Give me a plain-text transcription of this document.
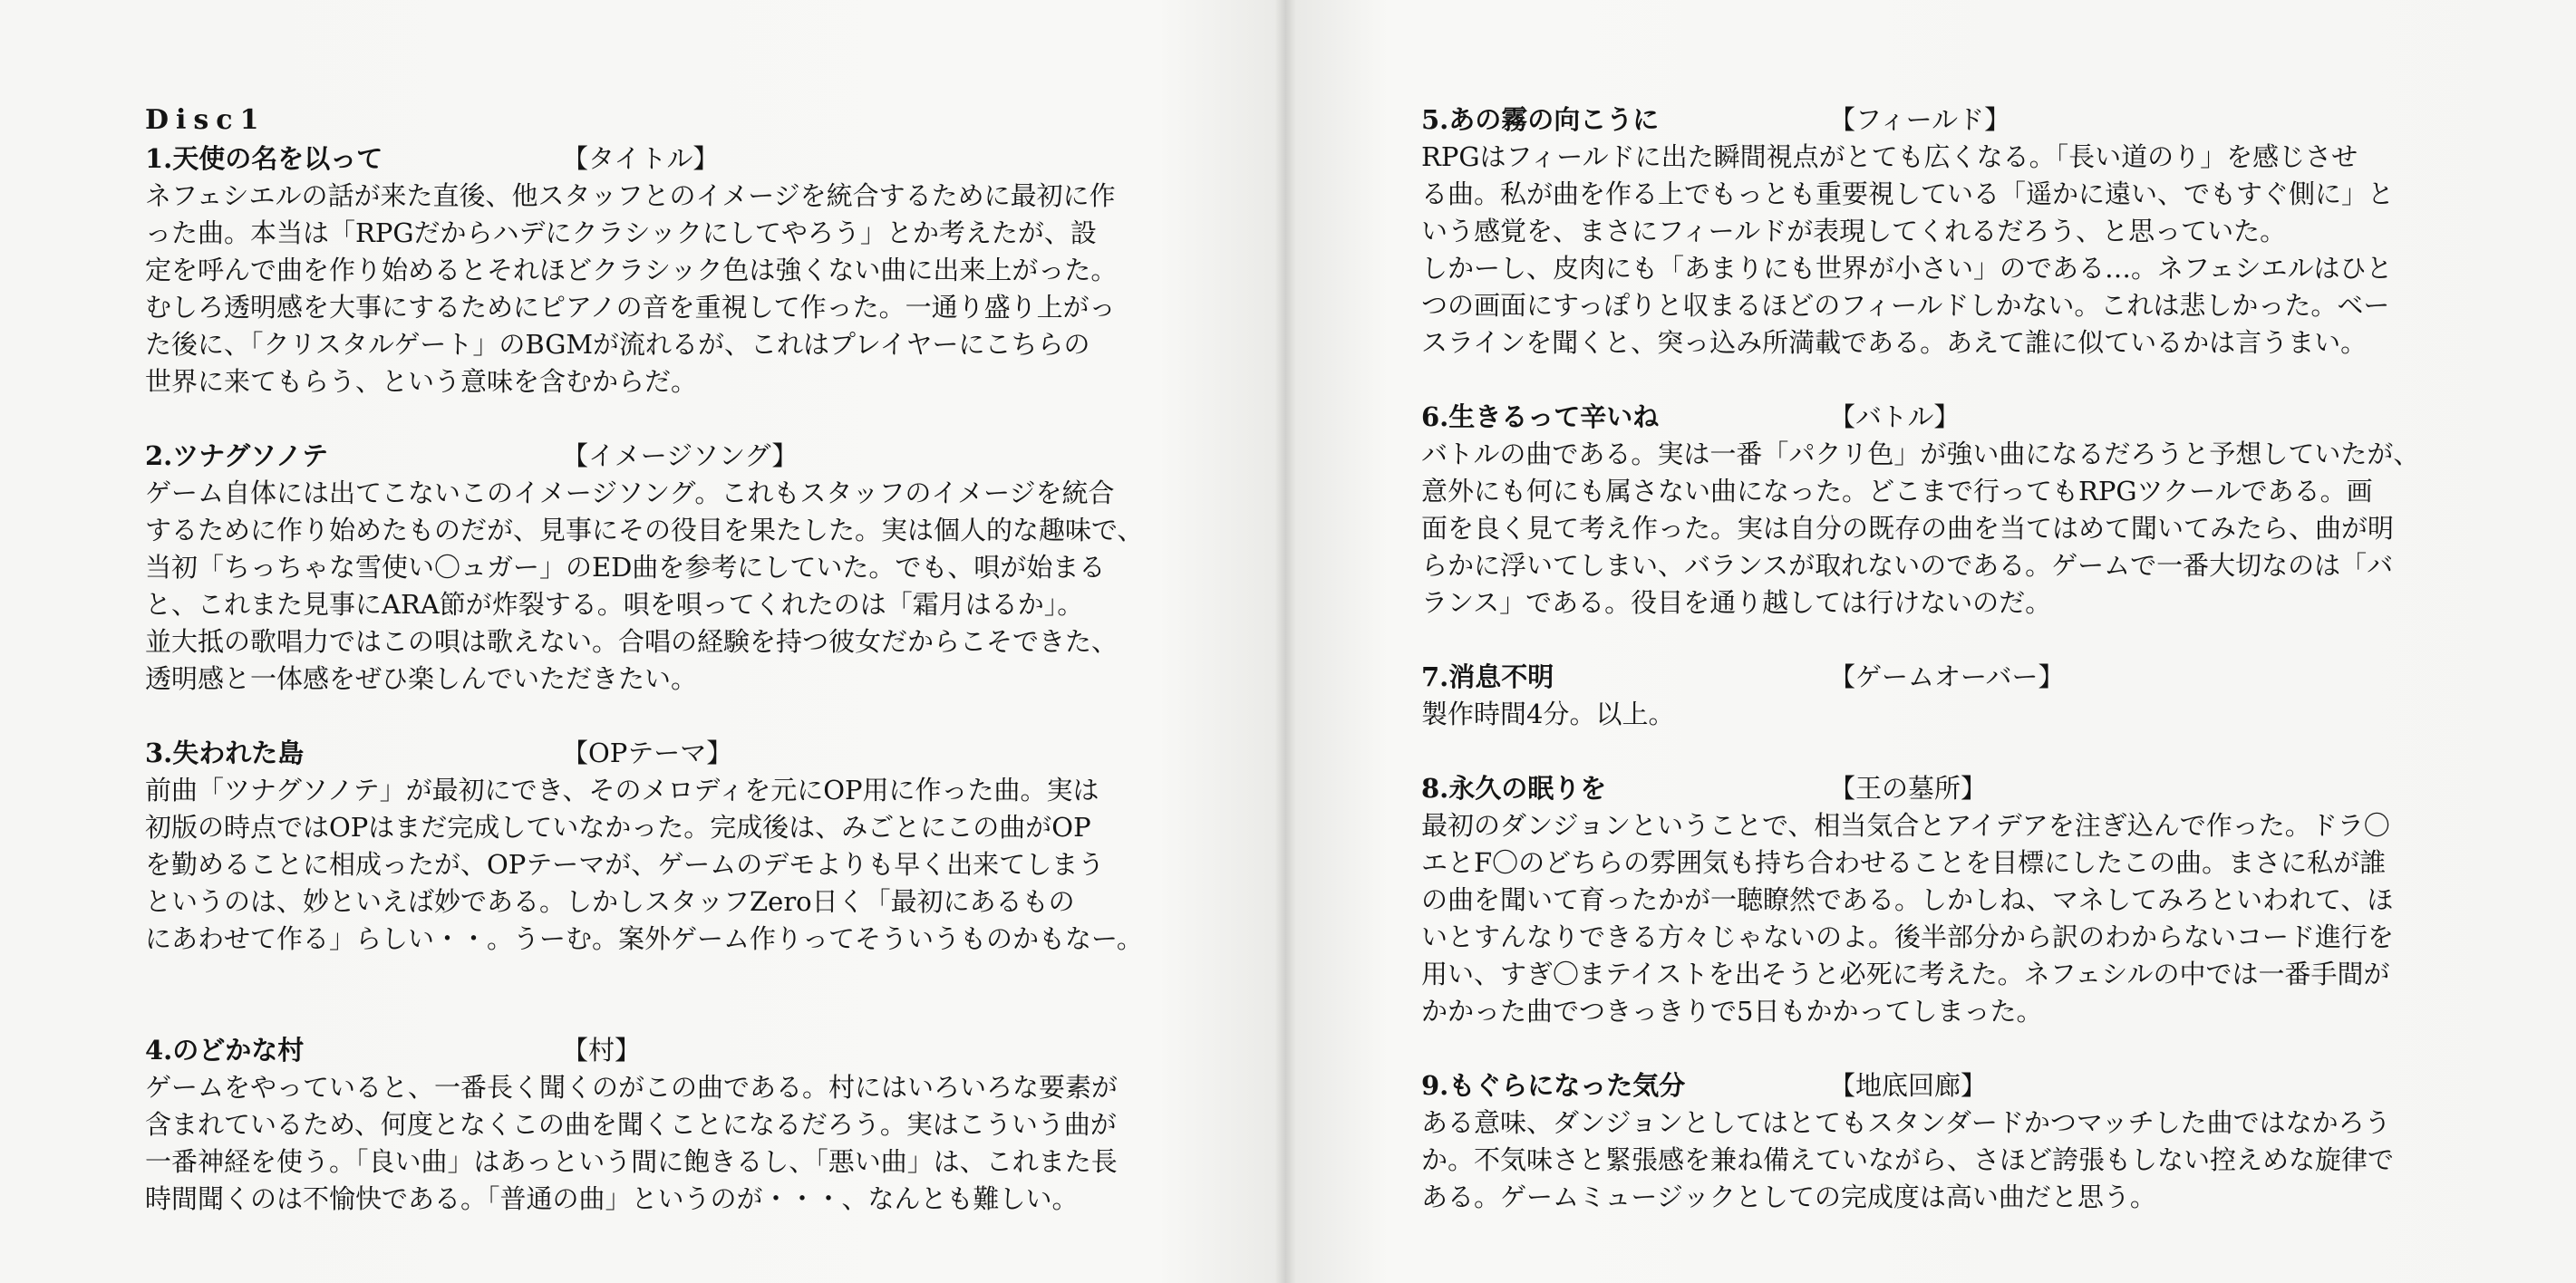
Disc1
1.天使の名を以って	【タイトル】

ネフェシエルの話が来た直後、他スタッフとのイメージを統合するために最初に作
った曲。本当は「RPGだからハデにクラシックにしてやろう」とか考えたが、設
定を呼んで曲を作り始めるとそれほどクラシック色は強くない曲に出来上がった。
むしろ透明感を大事にするためにピアノの音を重視して作った。一通り盛り上がっ
た後に、「クリスタルゲート」のBGMが流れるが、これはプレイヤーにこちらの
世界に来てもらう、という意味を含むからだ。

2.ツナグソノテ	【イメージソング】

ゲーム自体には出てこないこのイメージソング。これもスタッフのイメージを統合
するために作り始めたものだが、見事にその役目を果たした。実は個人的な趣味で、
当初「ちっちゃな雪使い〇ュガー」のED曲を参考にしていた。でも、唄が始まる
と、これまた見事にARA節が炸裂する。唄を唄ってくれたのは「霜月はるか」。
並大抵の歌唱力ではこの唄は歌えない。合唱の経験を持つ彼女だからこそできた、
透明感と一体感をぜひ楽しんでいただきたい。

3.失われた島	【OPテーマ】

前曲「ツナグソノテ」が最初にでき、そのメロディを元にOP用に作った曲。実は
初版の時点ではOPはまだ完成していなかった。完成後は、みごとにこの曲がOP
を勤めることに相成ったが、OPテーマが、ゲームのデモよりも早く出来てしまう
というのは、妙といえば妙である。しかしスタッフZero日く「最初にあるもの
にあわせて作る」らしい・・。うーむ。案外ゲーム作りってそういうものかもなー。

4.のどかな村	【村】

ゲームをやっていると、一番長く聞くのがこの曲である。村にはいろいろな要素が
含まれているため、何度となくこの曲を聞くことになるだろう。実はこういう曲が
一番神経を使う。「良い曲」はあっという間に飽きるし、「悪い曲」は、これまた長
時間聞くのは不愉快である。「普通の曲」というのが・・・、なんとも難しい。

5.あの霧の向こうに	【フィールド】

RPGはフィールドに出た瞬間視点がとても広くなる。「長い道のり」を感じさせ
る曲。私が曲を作る上でもっとも重要視している「遥かに遠い、でもすぐ側に」と
いう感覚を、まさにフィールドが表現してくれるだろう、と思っていた。
しかーし、皮肉にも「あまりにも世界が小さい」のである…。ネフェシエルはひと
つの画面にすっぽりと収まるほどのフィールドしかない。これは悲しかった。ベー
スラインを聞くと、突っ込み所満載である。あえて誰に似ているかは言うまい。

6.生きるって辛いね	【バトル】

バトルの曲である。実は一番「パクリ色」が強い曲になるだろうと予想していたが、
意外にも何にも属さない曲になった。どこまで行ってもRPGツクールである。画
面を良く見て考え作った。実は自分の既存の曲を当てはめて聞いてみたら、曲が明
らかに浮いてしまい、バランスが取れないのである。ゲームで一番大切なのは「バ
ランス」である。役目を通り越しては行けないのだ。

7.消息不明	【ゲームオーバー】

製作時間4分。以上。

8.永久の眠りを	【王の墓所】

最初のダンジョンということで、相当気合とアイデアを注ぎ込んで作った。ドラ〇
エとF〇のどちらの雰囲気も持ち合わせることを目標にしたこの曲。まさに私が誰
の曲を聞いて育ったかが一聴瞭然である。しかしね、マネしてみろといわれて、ほ
いとすんなりできる方々じゃないのよ。後半部分から訳のわからないコード進行を
用い、すぎ〇まテイストを出そうと必死に考えた。ネフェシルの中では一番手間が
かかった曲でつきっきりで5日もかかってしまった。

9.もぐらになった気分	【地底回廊】

ある意味、ダンジョンとしてはとてもスタンダードかつマッチした曲ではなかろう
か。不気味さと緊張感を兼ね備えていながら、さほど誇張もしない控えめな旋律で
ある。ゲームミュージックとしての完成度は高い曲だと思う。
